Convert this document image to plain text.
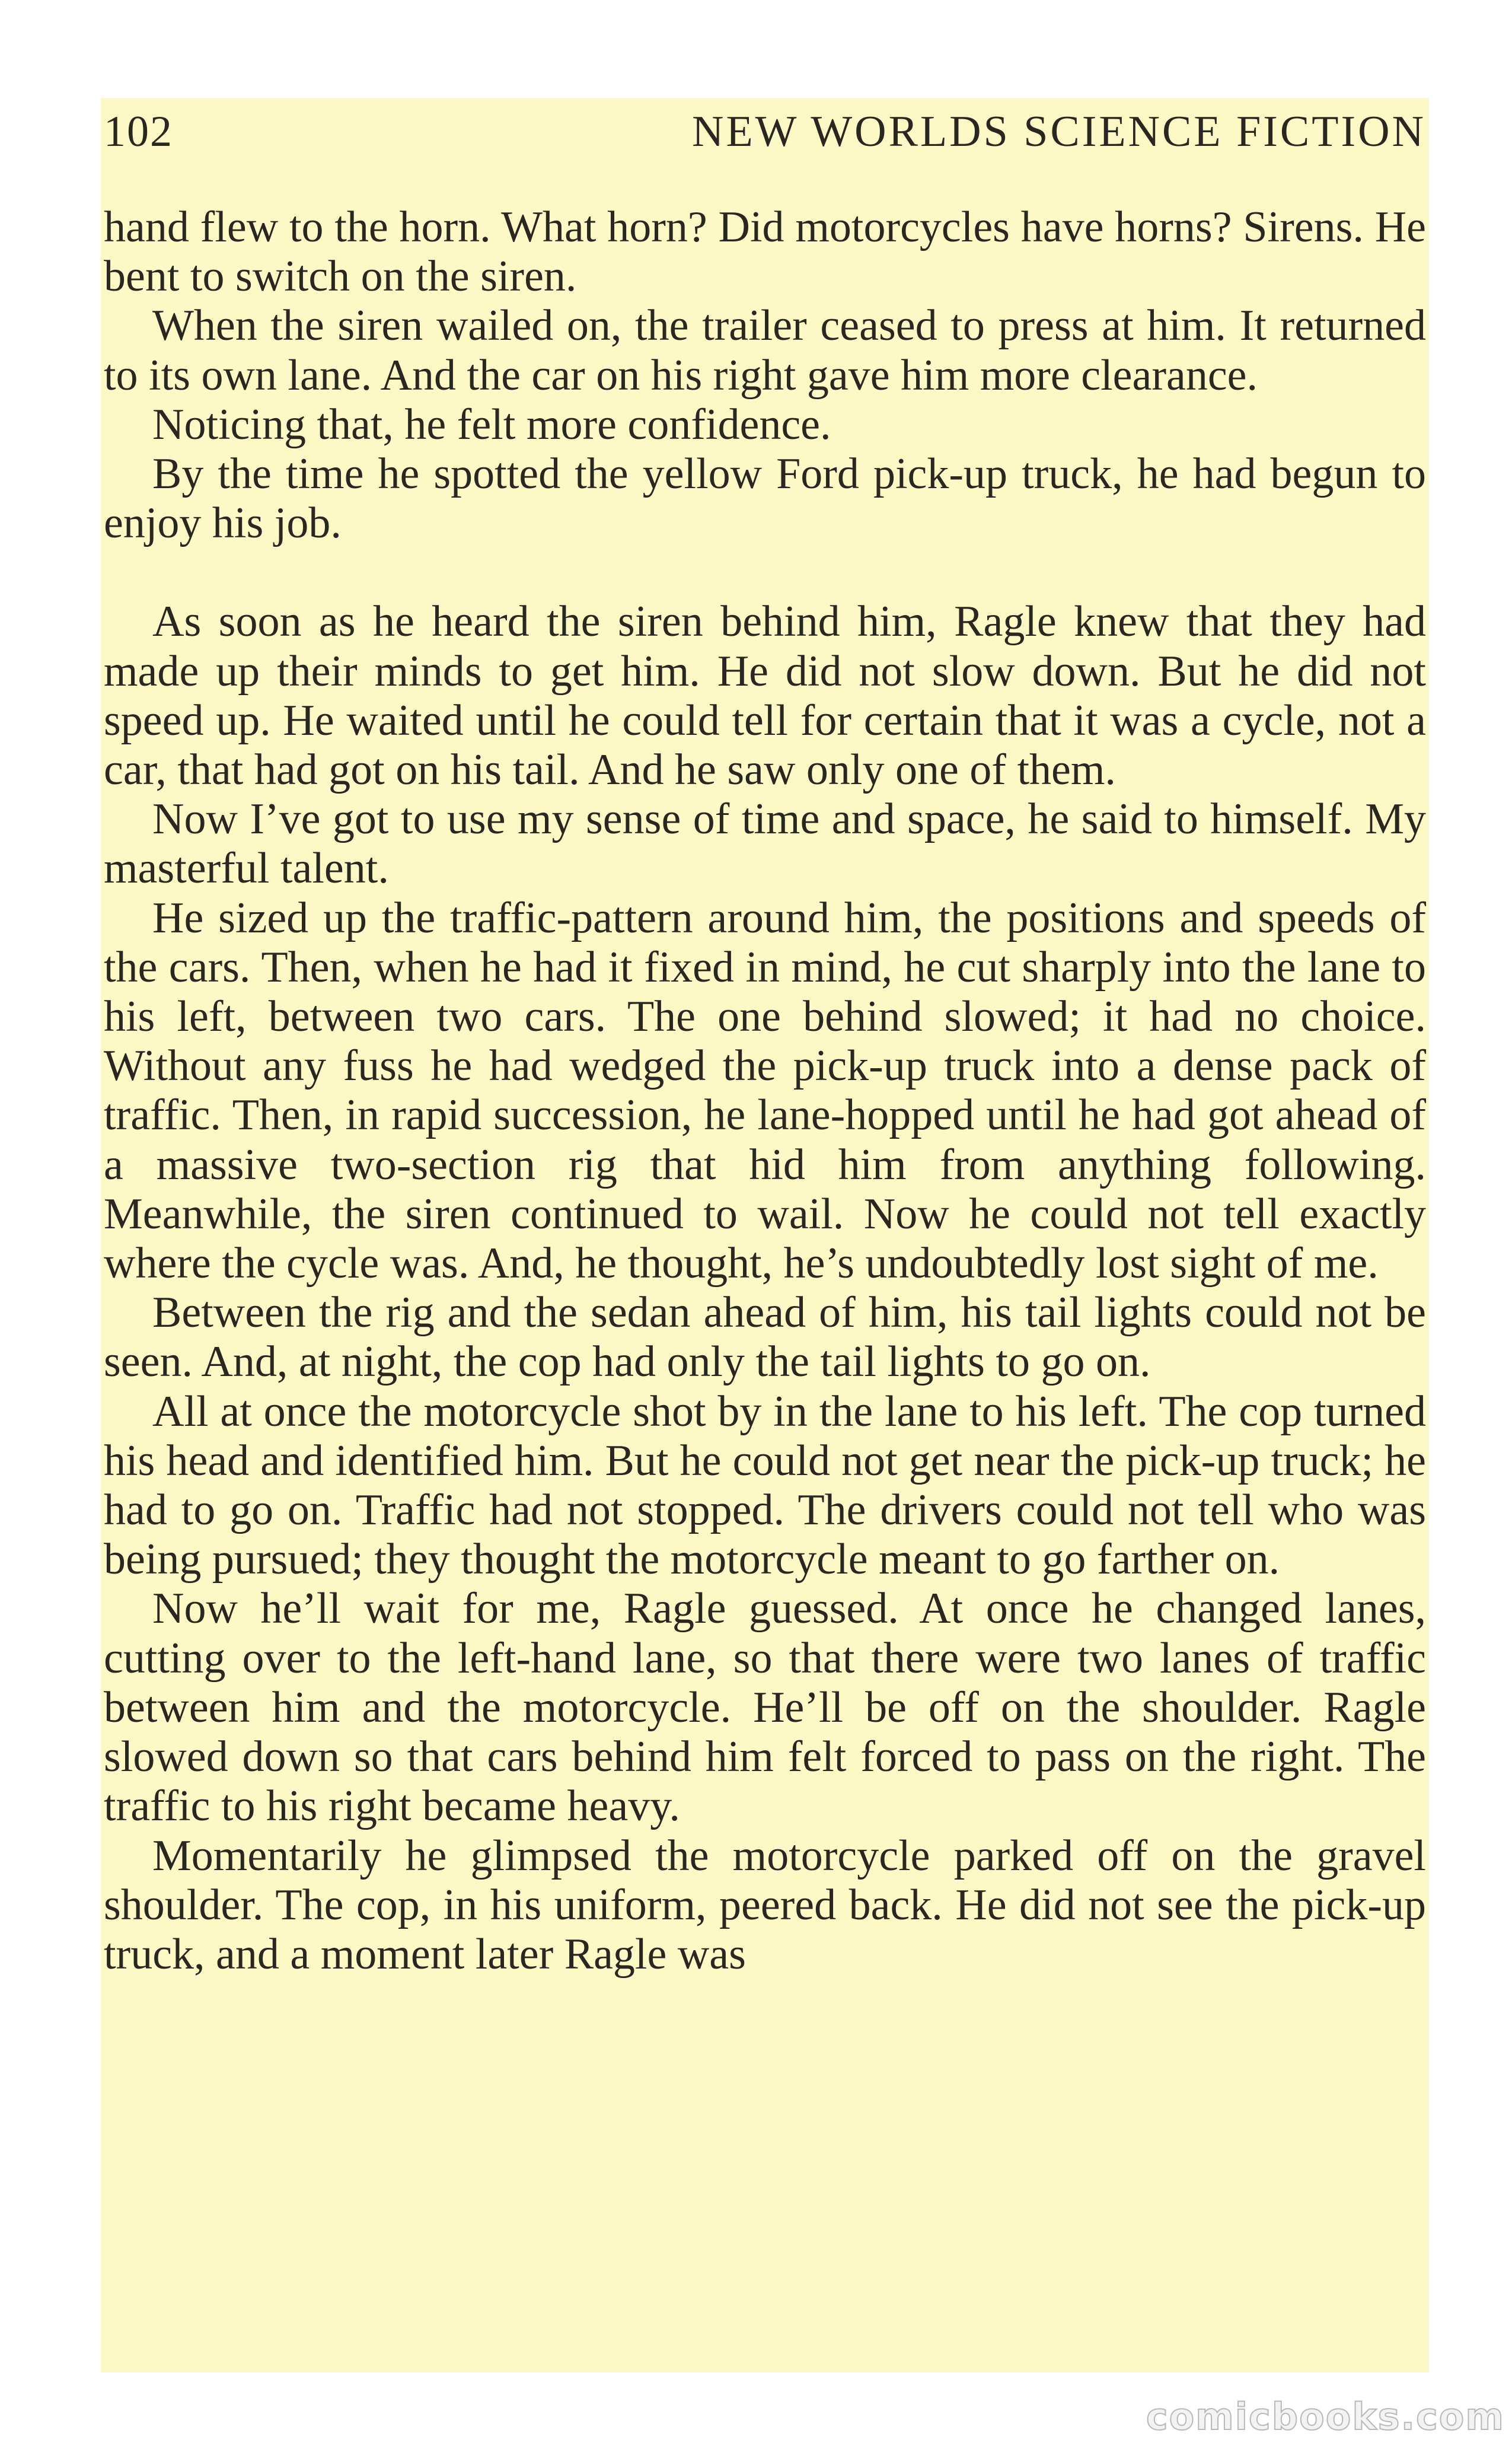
102	NEW WORLDS SCIENCE FICTION

hand flew to the horn. What horn? Did motorcycles have horns? Sirens. He bent to switch on the siren.

When the siren wailed on, the trailer ceased to press at him. It returned to its own lane. And the car on his right gave him more clearance.

Noticing that, he felt more confidence.

By the time he spotted the yellow Ford pick-up truck, he had begun to enjoy his job.

As soon as he heard the siren behind him, Ragle knew that they had made up their minds to get him. He did not slow down. But he did not speed up. He waited until he could tell for certain that it was a cycle, not a car, that had got on his tail. And he saw only one of them.

Now I’ve got to use my sense of time and space, he said to himself. My masterful talent.

He sized up the traffic-pattern around him, the positions and speeds of the cars. Then, when he had it fixed in mind, he cut sharply into the lane to his left, between two cars. The one behind slowed; it had no choice. Without any fuss he had wedged the pick-up truck into a dense pack of traffic. Then, in rapid succession, he lane-hopped until he had got ahead of a massive two-section rig that hid him from anything following. Meanwhile, the siren continued to wail. Now he could not tell exactly where the cycle was. And, he thought, he’s undoubtedly lost sight of me.

Between the rig and the sedan ahead of him, his tail lights could not be seen. And, at night, the cop had only the tail lights to go on.

All at once the motorcycle shot by in the lane to his left. The cop turned his head and identified him. But he could not get near the pick-up truck; he had to go on. Traffic had not stopped. The drivers could not tell who was being pursued; they thought the motorcycle meant to go farther on.

Now he’ll wait for me, Ragle guessed. At once he changed lanes, cutting over to the left-hand lane, so that there were two lanes of traffic between him and the motorcycle. He’ll be off on the shoulder. Ragle slowed down so that cars behind him felt forced to pass on the right. The traffic to his right became heavy.

Momentarily he glimpsed the motorcycle parked off on the gravel shoulder. The cop, in his uniform, peered back. He did not see the pick-up truck, and a moment later Ragle was

comicbooks.com
